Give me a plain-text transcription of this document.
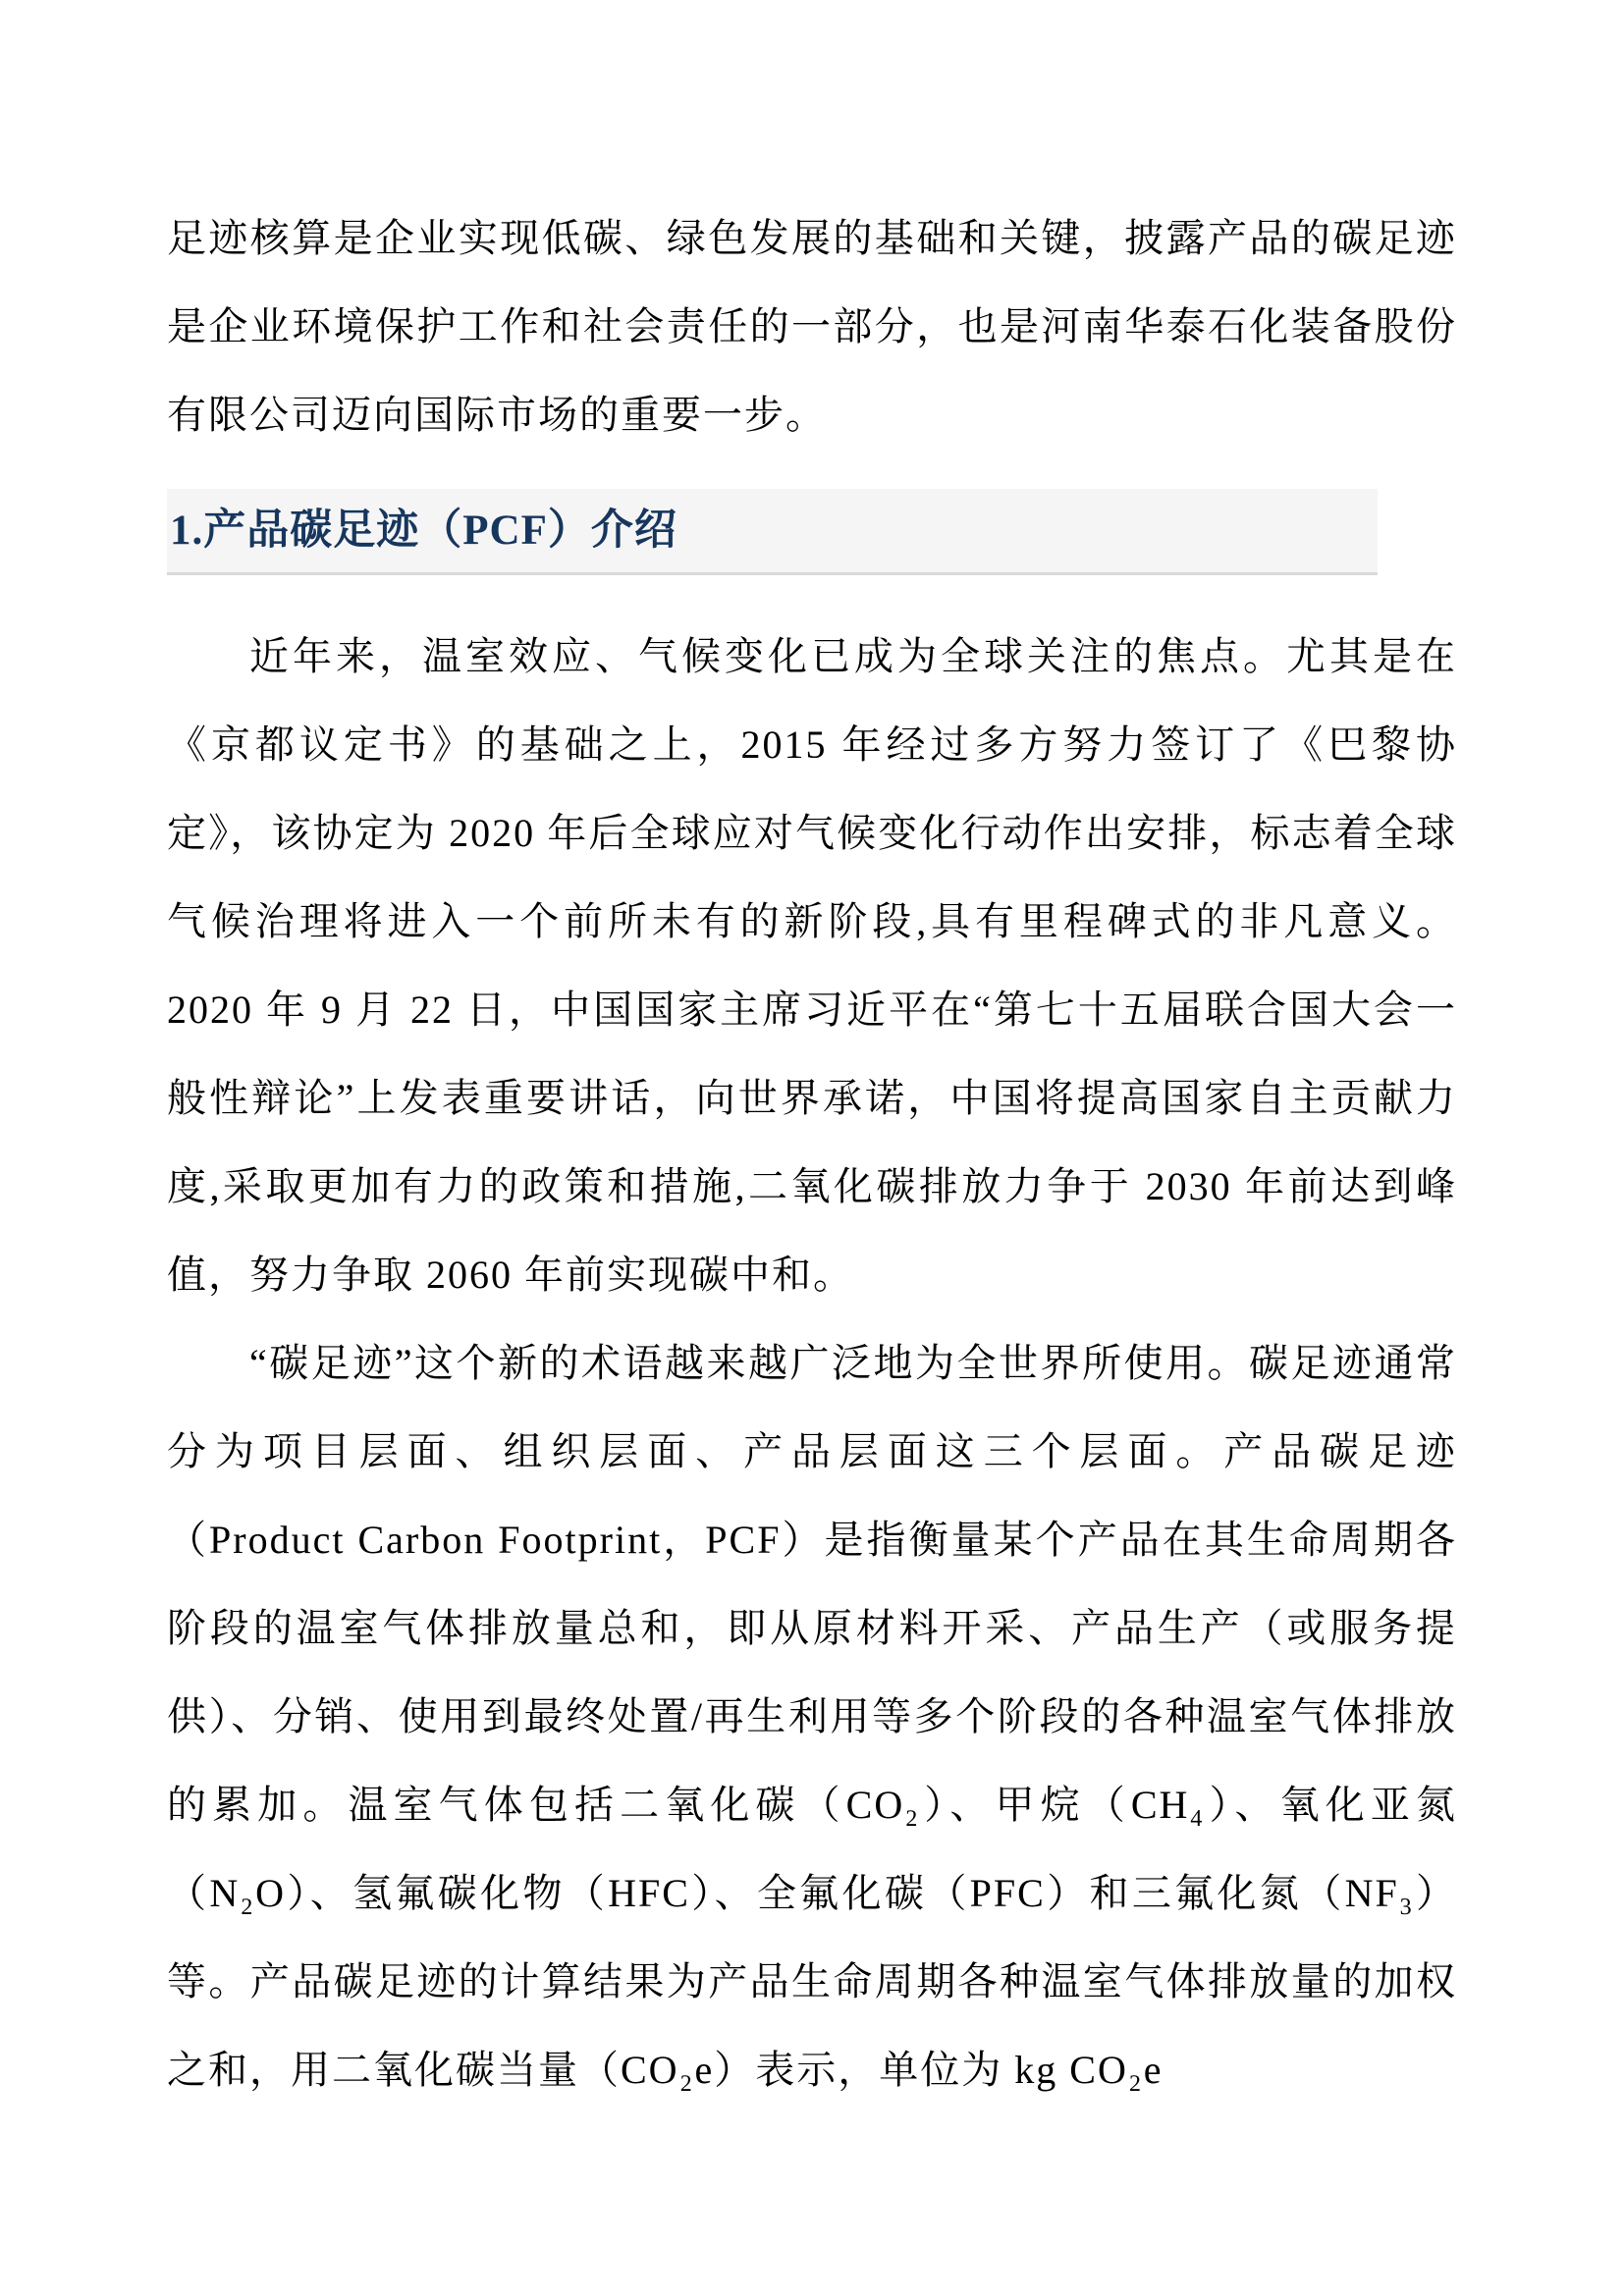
足迹核算是企业实现低碳、绿色发展的基础和关键，披露产品的碳足迹是企业环境保护工作和社会责任的一部分，也是河南华泰石化装备股份有限公司迈向国际市场的重要一步。

1.产品碳足迹（PCF）介绍

近年来，温室效应、气候变化已成为全球关注的焦点。尤其是在《京都议定书》的基础之上，2015 年经过多方努力签订了《巴黎协定》，该协定为 2020 年后全球应对气候变化行动作出安排，标志着全球气候治理将进入一个前所未有的新阶段,具有里程碑式的非凡意义。2020 年 9 月 22 日，中国国家主席习近平在“第七十五届联合国大会一般性辩论”上发表重要讲话，向世界承诺，中国将提高国家自主贡献力度,采取更加有力的政策和措施,二氧化碳排放力争于 2030 年前达到峰值，努力争取 2060 年前实现碳中和。

“碳足迹”这个新的术语越来越广泛地为全世界所使用。碳足迹通常分为项目层面、组织层面、产品层面这三个层面。产品碳足迹（Product Carbon Footprint，PCF）是指衡量某个产品在其生命周期各阶段的温室气体排放量总和，即从原材料开采、产品生产（或服务提供）、分销、使用到最终处置/再生利用等多个阶段的各种温室气体排放的累加。温室气体包括二氧化碳（CO₂）、甲烷（CH₄）、氧化亚氮（N₂O）、氢氟碳化物（HFC）、全氟化碳（PFC）和三氟化氮（NF₃）等。产品碳足迹的计算结果为产品生命周期各种温室气体排放量的加权之和，用二氧化碳当量（CO₂e）表示，单位为 kg CO₂e
